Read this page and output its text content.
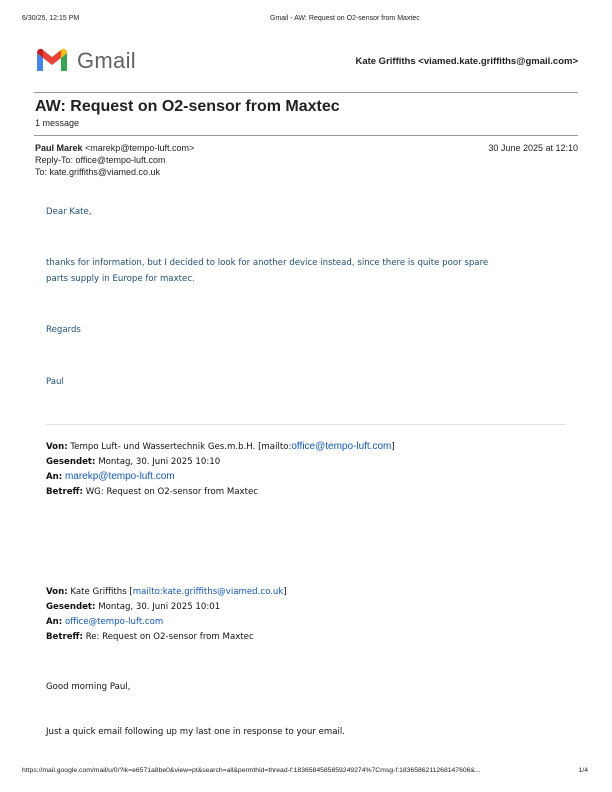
6/30/25, 12:15 PM	Gmail - AW: Request on O2-sensor from Maxtec
Gmail	Kate Griffiths <viamed.kate.griffiths@gmail.com>
AW: Request on O2-sensor from Maxtec
1 message
Paul Marek <marekp@tempo-luft.com>	30 June 2025 at 12:10
Reply-To: office@tempo-luft.com
To: kate.griffiths@viamed.co.uk
Dear Kate,
thanks for information, but I decided to look for another device instead, since there is quite poor spare
parts supply in Europe for maxtec.
Regards
Paul
Von: Tempo Luft- und Wassertechnik Ges.m.b.H. [mailto:office@tempo-luft.com]
Gesendet: Montag, 30. Juni 2025 10:10
An: marekp@tempo-luft.com
Betreff: WG: Request on O2-sensor from Maxtec
Von: Kate Griffiths [mailto:kate.griffiths@viamed.co.uk]
Gesendet: Montag, 30. Juni 2025 10:01
An: office@tempo-luft.com
Betreff: Re: Request on O2-sensor from Maxtec
Good morning Paul,
Just a quick email following up my last one in response to your email.
https://mail.google.com/mail/u/0/?ik=e6571a8be0&view=pt&search=all&permthid=thread-f:1836584585859249274%7Cmsg-f:1836586211268147606&...	1/4
